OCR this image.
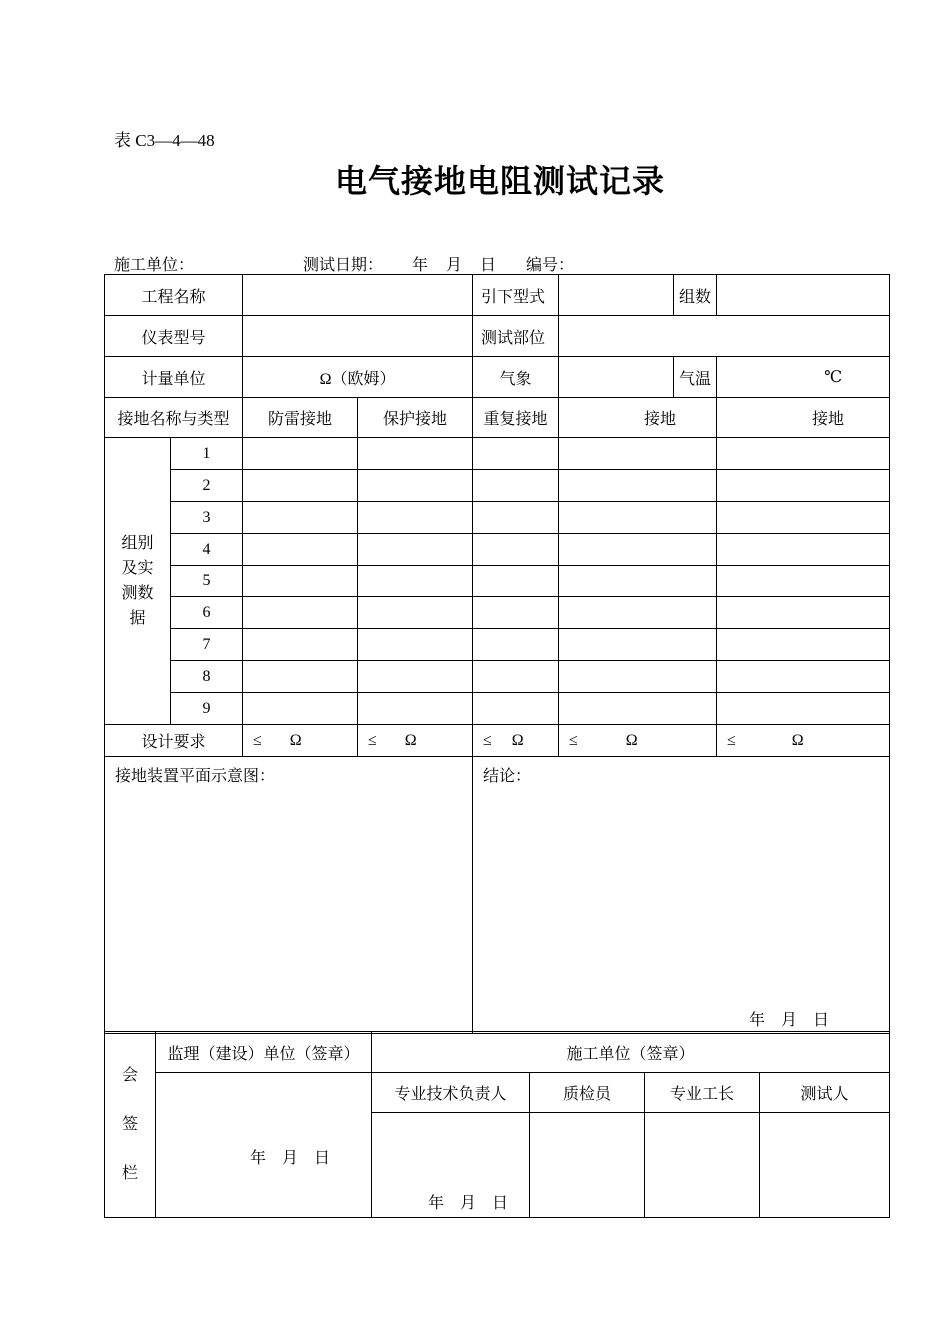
表 C3—4—48
电气接地电阻测试记录
施工单位：	测试日期： 年 月 日 编号：
工程名称				引下型式		组数	
仪表型号				测试部位			
计量单位		Ω（欧姆）		气象		气温	℃
接地名称与类型		防雷接地	保护接地	重复接地	接地		接地
组别及实测数据	1						
	2						
	3						
	4						
	5						
	6						
	7						
	8						
	9						
设计要求		≤ Ω	≤ Ω	≤ Ω	≤ Ω		≤ Ω
接地装置平面示意图：				结论：
年　月　日			
会
签
栏	监理（建设）单位（签章）	施工单位（签章）			

	年　月　日	专业技术负责人	质检员	专业工长	测试人

		年　月　日			
